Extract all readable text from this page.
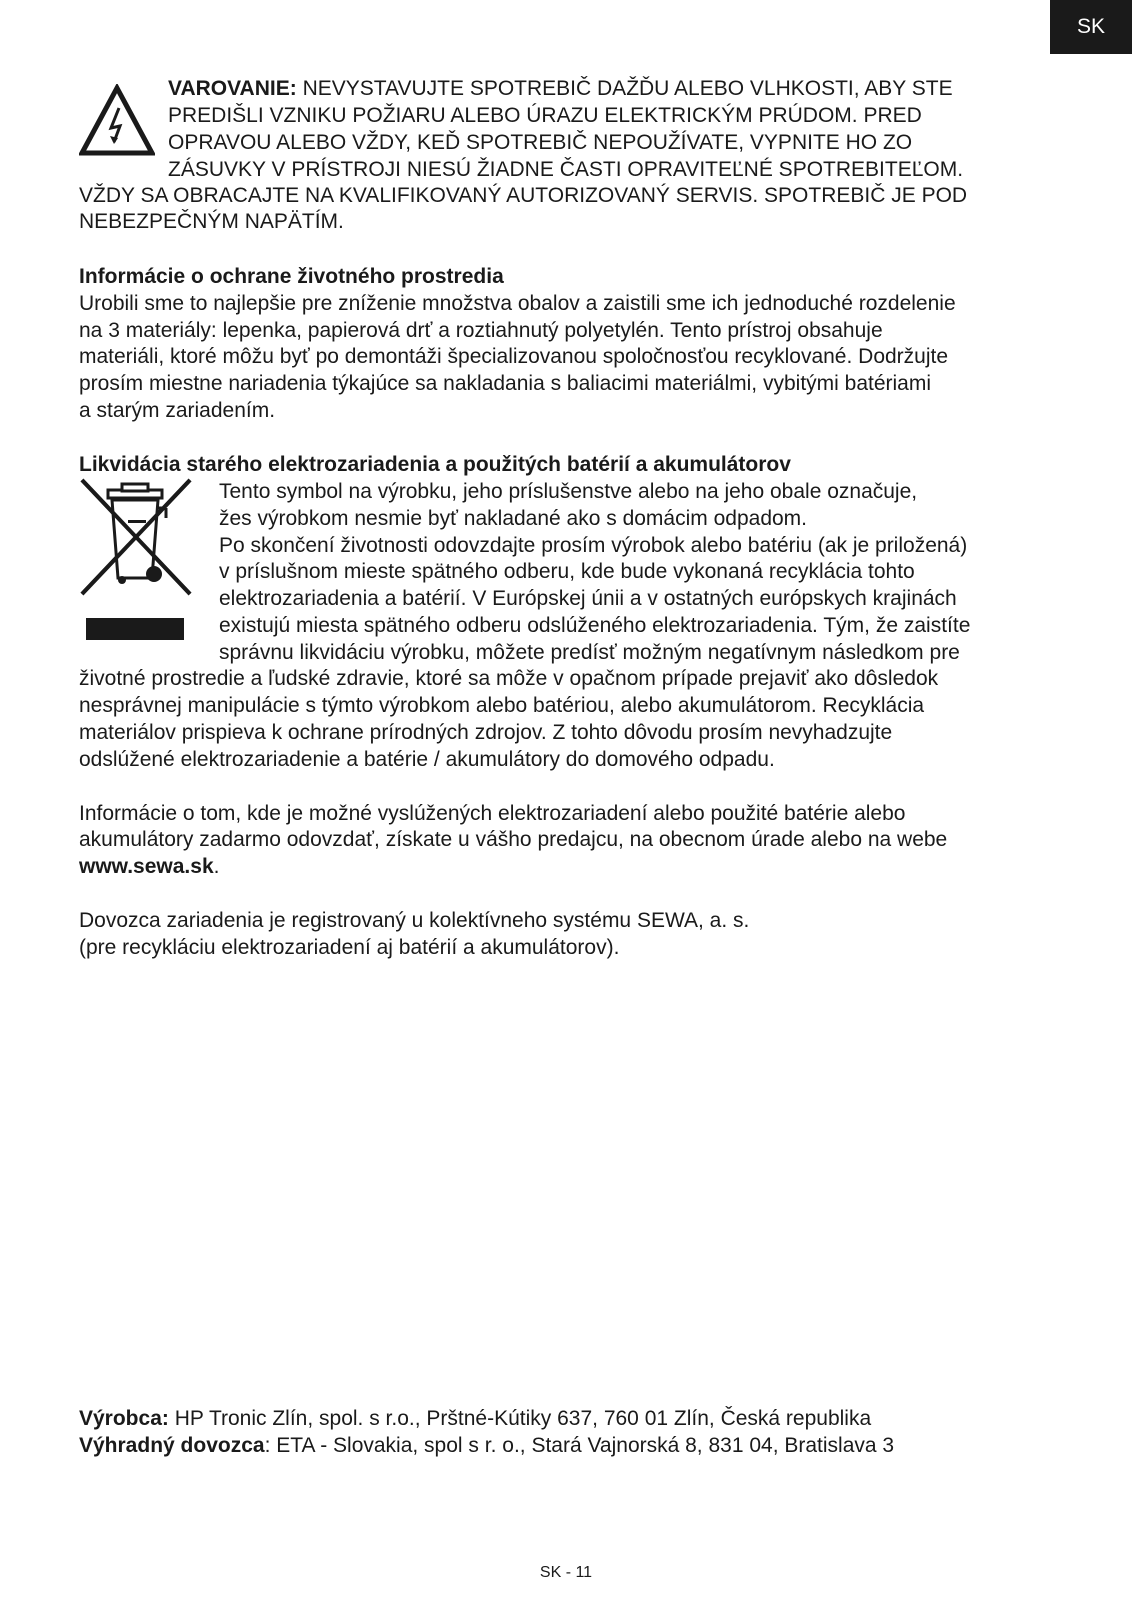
SK
VAROVANIE: NEVYSTAVUJTE SPOTREBIČ DAŽĎU ALEBO VLHKOSTI, ABY STE
PREDIŠLI VZNIKU POŽIARU ALEBO ÚRAZU ELEKTRICKÝM PRÚDOM. PRED
OPRAVOU ALEBO VŽDY, KEĎ SPOTREBIČ NEPOUŽÍVATE, VYPNITE HO ZO
ZÁSUVKY V PRÍSTROJI NIESÚ ŽIADNE ČASTI OPRAVITEĽNÉ SPOTREBITEĽOM.
VŽDY SA OBRACAJTE NA KVALIFIKOVANÝ AUTORIZOVANÝ SERVIS. SPOTREBIČ JE POD
NEBEZPEČNÝM NAPÄTÍM.
Informácie o ochrane životného prostredia
Urobili sme to najlepšie pre zníženie množstva obalov a zaistili sme ich jednoduché rozdelenie
na 3 materiály: lepenka, papierová drť a roztiahnutý polyetylén. Tento prístroj obsahuje
materiáli, ktoré môžu byť po demontáži špecializovanou spoločnosťou recyklované. Dodržujte
prosím miestne nariadenia týkajúce sa nakladania s baliacimi materiálmi, vybitými batériami
a starým zariadením.
Likvidácia starého elektrozariadenia a použitých batérií a akumulátorov
Tento symbol na výrobku, jeho príslušenstve alebo na jeho obale označuje,
žes výrobkom nesmie byť nakladané ako s domácim odpadom.
Po skončení životnosti odovzdajte prosím výrobok alebo batériu (ak je priložená)
v príslušnom mieste spätného odberu, kde bude vykonaná recyklácia tohto
elektrozariadenia a batérií. V Európskej únii a v ostatných európskych krajinách
existujú miesta spätného odberu odslúženého elektrozariadenia. Tým, že zaistíte
správnu likvidáciu výrobku, môžete predísť možným negatívnym následkom pre
životné prostredie a ľudské zdravie, ktoré sa môže v opačnom prípade prejaviť ako dôsledok
nesprávnej manipulácie s týmto výrobkom alebo batériou, alebo akumulátorom. Recyklácia
materiálov prispieva k ochrane prírodných zdrojov. Z tohto dôvodu prosím nevyhadzujte
odslúžené elektrozariadenie a batérie / akumulátory do domového odpadu.
Informácie o tom, kde je možné vyslúžených elektrozariadení alebo použité batérie alebo
akumulátory zadarmo odovzdať, získate u vášho predajcu, na obecnom úrade alebo na webe
www.sewa.sk.
Dovozca zariadenia je registrovaný u kolektívneho systému SEWA, a. s.
(pre recykláciu elektrozariadení aj batérií a akumulátorov).
Výrobca: HP Tronic Zlín, spol. s r.o., Prštné-Kútiky 637, 760 01 Zlín, Česká republika
Výhradný dovozca: ETA - Slovakia, spol s r. o., Stará Vajnorská 8, 831 04, Bratislava 3
SK - 11
